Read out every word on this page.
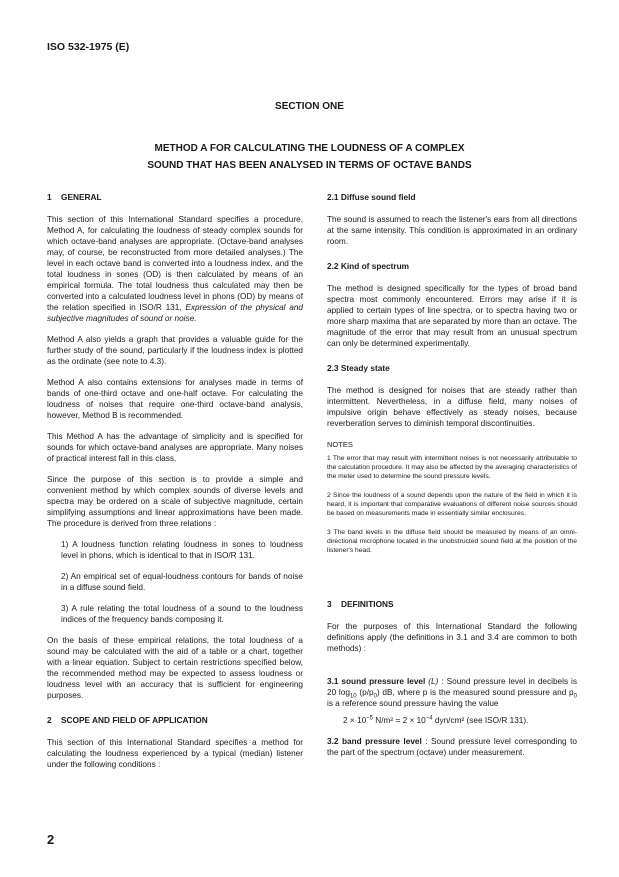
ISO 532-1975 (E)
SECTION ONE
METHOD A FOR CALCULATING THE LOUDNESS OF A COMPLEX
SOUND THAT HAS BEEN ANALYSED IN TERMS OF OCTAVE BANDS
1 GENERAL

This section of this International Standard specifies a procedure, Method A, for calculating the loudness of steady complex sounds for which octave-band analyses are appropriate. (Octave-band analyses may, of course, be reconstructed from more detailed analyses.) The level in each octave band is converted into a loudness index, and the total loudness in sones (OD) is then calculated by means of an empirical formula. The total loudness thus calculated may then be converted into a calculated loudness level in phons (OD) by means of the relation specified in ISO/R 131, Expression of the physical and subjective magnitudes of sound or noise.

Method A also yields a graph that provides a valuable guide for the further study of the sound, particularly if the loudness index is plotted as the ordinate (see note to 4.3).

Method A also contains extensions for analyses made in terms of bands of one-third octave and one-half octave. For calculating the loudness of noises that require one-third octave-band analysis, however, Method B is recommended.

This Method A has the advantage of simplicity and is specified for sounds for which octave-band analyses are appropriate. Many noises of practical interest fall in this class.

Since the purpose of this section is to provide a simple and convenient method by which complex sounds of diverse levels and spectra may be ordered on a scale of subjective magnitude, certain simplifying assumptions and linear approximations have been made. The procedure is derived from three relations :

1) A loudness function relating loudness in sones to loudness level in phons, which is identical to that in ISO/R 131.

2) An empirical set of equal-loudness contours for bands of noise in a diffuse sound field.

3) A rule relating the total loudness of a sound to the loudness indices of the frequency bands composing it.

On the basis of these empirical relations, the total loudness of a sound may be calculated with the aid of a table or a chart, together with a linear equation. Subject to certain restrictions specified below, the recommended method may be expected to assess loudness or loudness level with an accuracy that is sufficient for engineering purposes.

2 SCOPE AND FIELD OF APPLICATION

This section of this International Standard specifies a method for calculating the loudness experienced by a typical (median) listener under the following conditions :

2.1 Diffuse sound field

The sound is assumed to reach the listener's ears from all directions at the same intensity. This condition is approximated in an ordinary room.

2.2 Kind of spectrum

The method is designed specifically for the types of broad band spectra most commonly encountered. Errors may arise if it is applied to certain types of line spectra, or to spectra having two or more sharp maxima that are separated by more than an octave. The magnitude of the error that may result from an unusual spectrum can only be determined experimentally.

2.3 Steady state

The method is designed for noises that are steady rather than intermittent. Nevertheless, in a diffuse field, many noises of impulsive origin behave effectively as steady noises, because reverberation serves to diminish temporal discontinuities.

NOTES

1 The error that may result with intermittent noises is not necessarily attributable to the calculation procedure. It may also be affected by the averaging characteristics of the meter used to determine the sound pressure levels.

2 Since the loudness of a sound depends upon the nature of the field in which it is heard, it is important that comparative evaluations of different noise sources should be based on measurements made in essentially similar enclosures.

3 The band levels in the diffuse field should be measured by means of an omni-directional microphone located in the unobstructed sound field at the position of the listener's head.

3 DEFINITIONS

For the purposes of this International Standard the following definitions apply (the definitions in 3.1 and 3.4 are common to both methods) :

3.1 sound pressure level (L) : Sound pressure level in decibels is 20 $\log_{10} (p/p_0)$ dB, where p is the measured sound pressure and $p_0$ is a reference sound pressure having the value

$2 \times 10^{-5}$ $N/m^2 = 2 \times 10^{-4}$ dyn/cm² (see ISO/R 131).

3.2 band pressure level : Sound pressure level corresponding to the part of the spectrum (octave) under measurement.

2
